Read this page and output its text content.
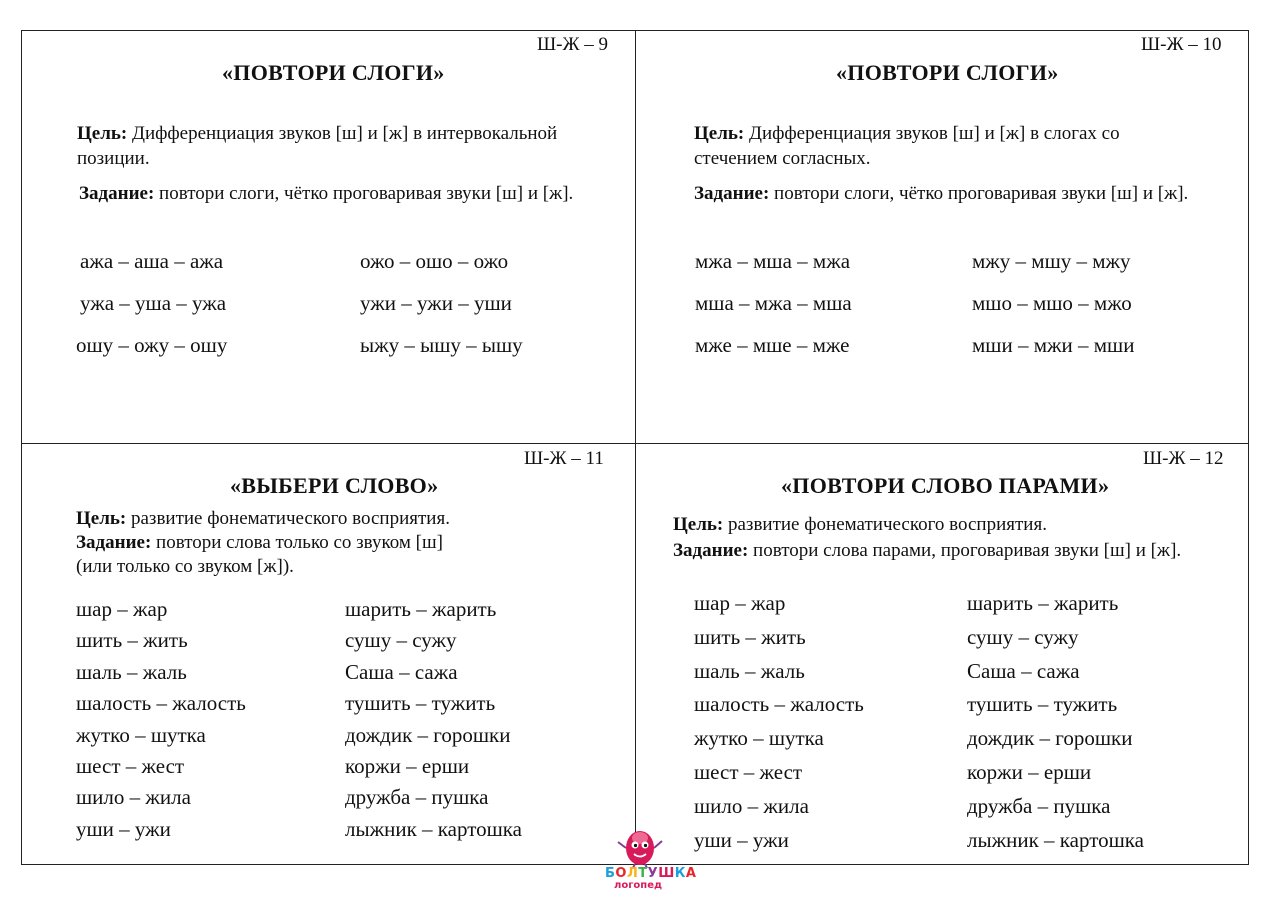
Ш-Ж – 9
«ПОВТОРИ СЛОГИ»
Цель: Дифференциация звуков [ш] и [ж] в интервокальной
позиции.
Задание: повтори слоги, чётко проговаривая звуки [ш] и [ж].
ажа – аша – ажа
ужа – уша – ужа
ошу – ожу – ошу
ожо – ошо – ожо
ужи – ужи – уши
ыжу – ышу – ышу
Ш-Ж – 10
«ПОВТОРИ СЛОГИ»
Цель: Дифференциация звуков [ш] и [ж] в слогах со
стечением согласных.
Задание: повтори слоги, чётко проговаривая звуки [ш] и [ж].
мжа – мша – мжа
мша – мжа – мша
мже – мше – мже
мжу – мшу – мжу
мшо – мшо – мжо
мши – мжи – мши
Ш-Ж – 11
«ВЫБЕРИ СЛОВО»
Цель: развитие фонематического восприятия.
Задание: повтори слова только со звуком [ш]
(или только со звуком [ж]).
шар – жар
шить – жить
шаль – жаль
шалость – жалость
жутко – шутка
шест – жест
шило – жила
уши – ужи
шарить – жарить
сушу – сужу
Саша – сажа
тушить – тужить
дождик – горошки
коржи – ерши
дружба – пушка
лыжник – картошка
Ш-Ж – 12
«ПОВТОРИ СЛОВО ПАРАМИ»
Цель: развитие фонематического восприятия.
Задание: повтори слова парами, проговаривая звуки [ш] и [ж].
шар – жар
шить – жить
шаль – жаль
шалость – жалость
жутко – шутка
шест – жест
шило – жила
уши – ужи
шарить – жарить
сушу – сужу
Саша – сажа
тушить – тужить
дождик – горошки
коржи – ерши
дружба – пушка
лыжник – картошка
БОЛТУШКА
логопед
